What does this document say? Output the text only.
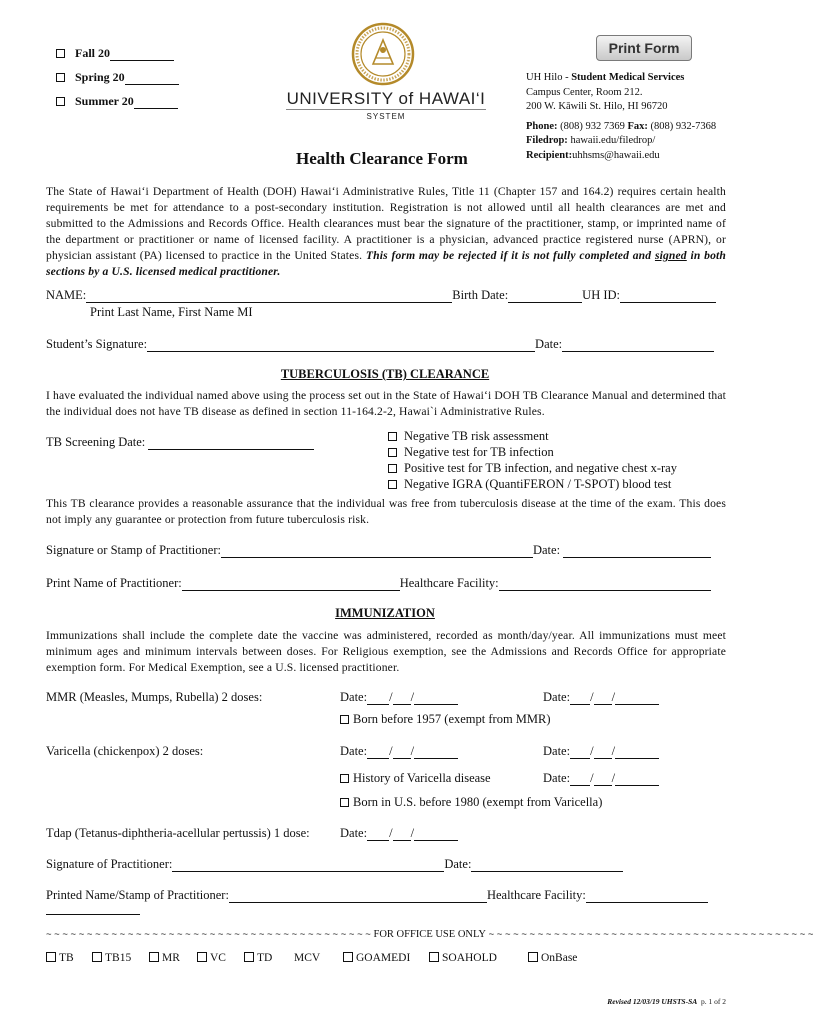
Fall 20
Spring 20
Summer 20	UNIVERSITY of HAWAI‘I
SYSTEM
Print Form
UH Hilo - Student Medical Services
Campus Center, Room 212.
200 W. Kāwili St. Hilo, HI 96720
Phone: (808) 932 7369 Fax: (808) 932-7368
Filedrop: hawaii.edu/filedrop/
Recipient:uhhsms@hawaii.edu
Health Clearance Form
The State of Hawai‘i Department of Health (DOH) Hawai‘i Administrative Rules, Title 11 (Chapter 157 and 164.2) requires certain health requirements be met for attendance to a post-secondary institution. Registration is not allowed until all health clearances are met and submitted to the Admissions and Records Office. Health clearances must bear the signature of the practitioner, stamp, or imprinted name of the department or practitioner or name of licensed facility. A practitioner is a physician, advanced practice registered nurse (APRN), or physician assistant (PA) licensed to practice in the United States. This form may be rejected if it is not fully completed and signed in both sections by a U.S. licensed medical practitioner.
NAME:	Birth Date:	UH ID:
Print Last Name, First Name MI
Student’s Signature:	Date:
TUBERCULOSIS (TB) CLEARANCE
I have evaluated the individual named above using the process set out in the State of Hawai‘i DOH TB Clearance Manual and determined that the individual does not have TB disease as defined in section 11-164.2-2, Hawai`i Administrative Rules.
TB Screening Date:	Negative TB risk assessment
Negative test for TB infection
Positive test for TB infection, and negative chest x-ray
Negative IGRA (QuantiFERON / T-SPOT) blood test
This TB clearance provides a reasonable assurance that the individual was free from tuberculosis disease at the time of the exam. This does not imply any guarantee or protection from future tuberculosis risk.
Signature or Stamp of Practitioner:	Date:
Print Name of Practitioner:	Healthcare Facility:
IMMUNIZATION
Immunizations shall include the complete date the vaccine was administered, recorded as month/day/year. All immunizations must meet minimum ages and minimum intervals between doses. For Religious exemption, see the Admissions and Records Office for appropriate exemption form. For Medical Exemption, see a U.S. licensed practitioner.
MMR (Measles, Mumps, Rubella) 2 doses:	Date: / /	Date: / /
Born before 1957 (exempt from MMR)
Varicella (chickenpox) 2 doses:	Date: / /	Date: / /
History of Varicella disease	Date: / /
Born in U.S. before 1980 (exempt from Varicella)
Tdap (Tetanus-diphtheria-acellular pertussis) 1 dose: Date: / /
Signature of Practitioner:	Date:
Printed Name/Stamp of Practitioner:	Healthcare Facility:
~ ~ ~ ~ ~ ~ ~ ~ ~ ~ ~ ~ ~ ~ ~ ~ ~ ~ ~ ~ ~ ~ ~ ~ ~ ~ ~ ~ ~ ~ ~ ~ ~ ~ ~ ~ ~ ~ ~ ~ FOR OFFICE USE ONLY ~ ~ ~ ~ ~ ~ ~ ~ ~ ~ ~ ~ ~ ~ ~ ~ ~ ~ ~ ~ ~ ~ ~ ~ ~ ~ ~ ~ ~ ~ ~ ~ ~ ~ ~ ~ ~ ~ ~ ~
TB	TB15	MR	VC	TD MCV	GOAMEDI	SOAHOLD	OnBase
Revised 12/03/19 UHSTS-SA p. 1 of 2
